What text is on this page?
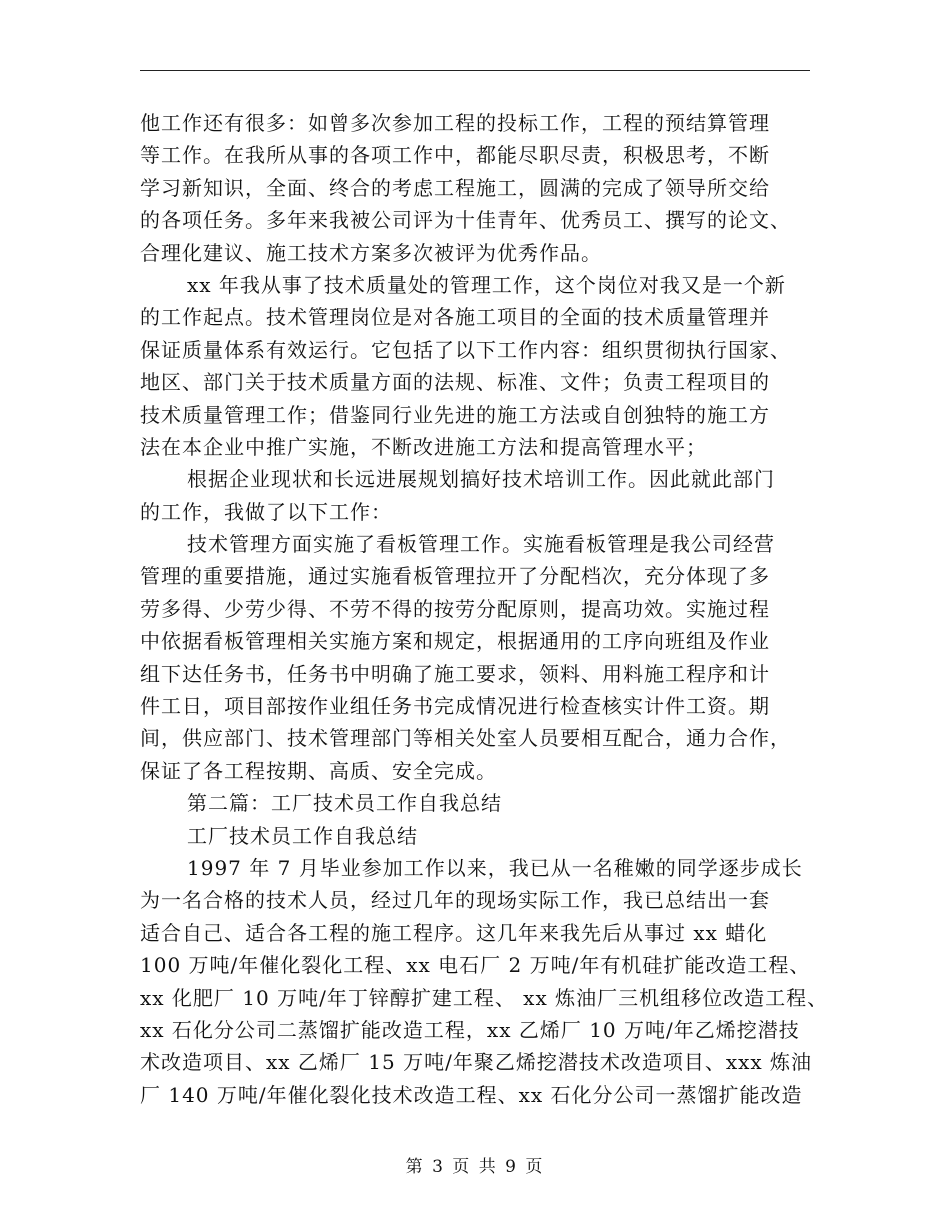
他工作还有很多：如曾多次参加工程的投标工作，工程的预结算管理
等工作。在我所从事的各项工作中，都能尽职尽责，积极思考，不断
学习新知识，全面、终合的考虑工程施工，圆满的完成了领导所交给
的各项任务。多年来我被公司评为十佳青年、优秀员工、撰写的论文、
合理化建议、施工技术方案多次被评为优秀作品。
xx 年我从事了技术质量处的管理工作，这个岗位对我又是一个新
的工作起点。技术管理岗位是对各施工项目的全面的技术质量管理并
保证质量体系有效运行。它包括了以下工作内容：组织贯彻执行国家、
地区、部门关于技术质量方面的法规、标准、文件；负责工程项目的
技术质量管理工作；借鉴同行业先进的施工方法或自创独特的施工方
法在本企业中推广实施，不断改进施工方法和提高管理水平；
根据企业现状和长远进展规划搞好技术培训工作。因此就此部门
的工作，我做了以下工作：
技术管理方面实施了看板管理工作。实施看板管理是我公司经营
管理的重要措施，通过实施看板管理拉开了分配档次，充分体现了多
劳多得、少劳少得、不劳不得的按劳分配原则，提高功效。实施过程
中依据看板管理相关实施方案和规定，根据通用的工序向班组及作业
组下达任务书，任务书中明确了施工要求，领料、用料施工程序和计
件工日，项目部按作业组任务书完成情况进行检查核实计件工资。期
间，供应部门、技术管理部门等相关处室人员要相互配合，通力合作，
保证了各工程按期、高质、安全完成。
第二篇：工厂技术员工作自我总结
工厂技术员工作自我总结
1997 年 7 月毕业参加工作以来，我已从一名稚嫩的同学逐步成长
为一名合格的技术人员，经过几年的现场实际工作，我已总结出一套
适合自己、适合各工程的施工程序。这几年来我先后从事过 xx 蜡化
100 万吨/年催化裂化工程、xx 电石厂 2 万吨/年有机硅扩能改造工程、
xx 化肥厂 10 万吨/年丁锌醇扩建工程、 xx 炼油厂三机组移位改造工程、
xx 石化分公司二蒸馏扩能改造工程，xx 乙烯厂 10 万吨/年乙烯挖潜技
术改造项目、xx 乙烯厂 15 万吨/年聚乙烯挖潜技术改造项目、xxx 炼油
厂 140 万吨/年催化裂化技术改造工程、xx 石化分公司一蒸馏扩能改造
第 3 页 共 9 页
